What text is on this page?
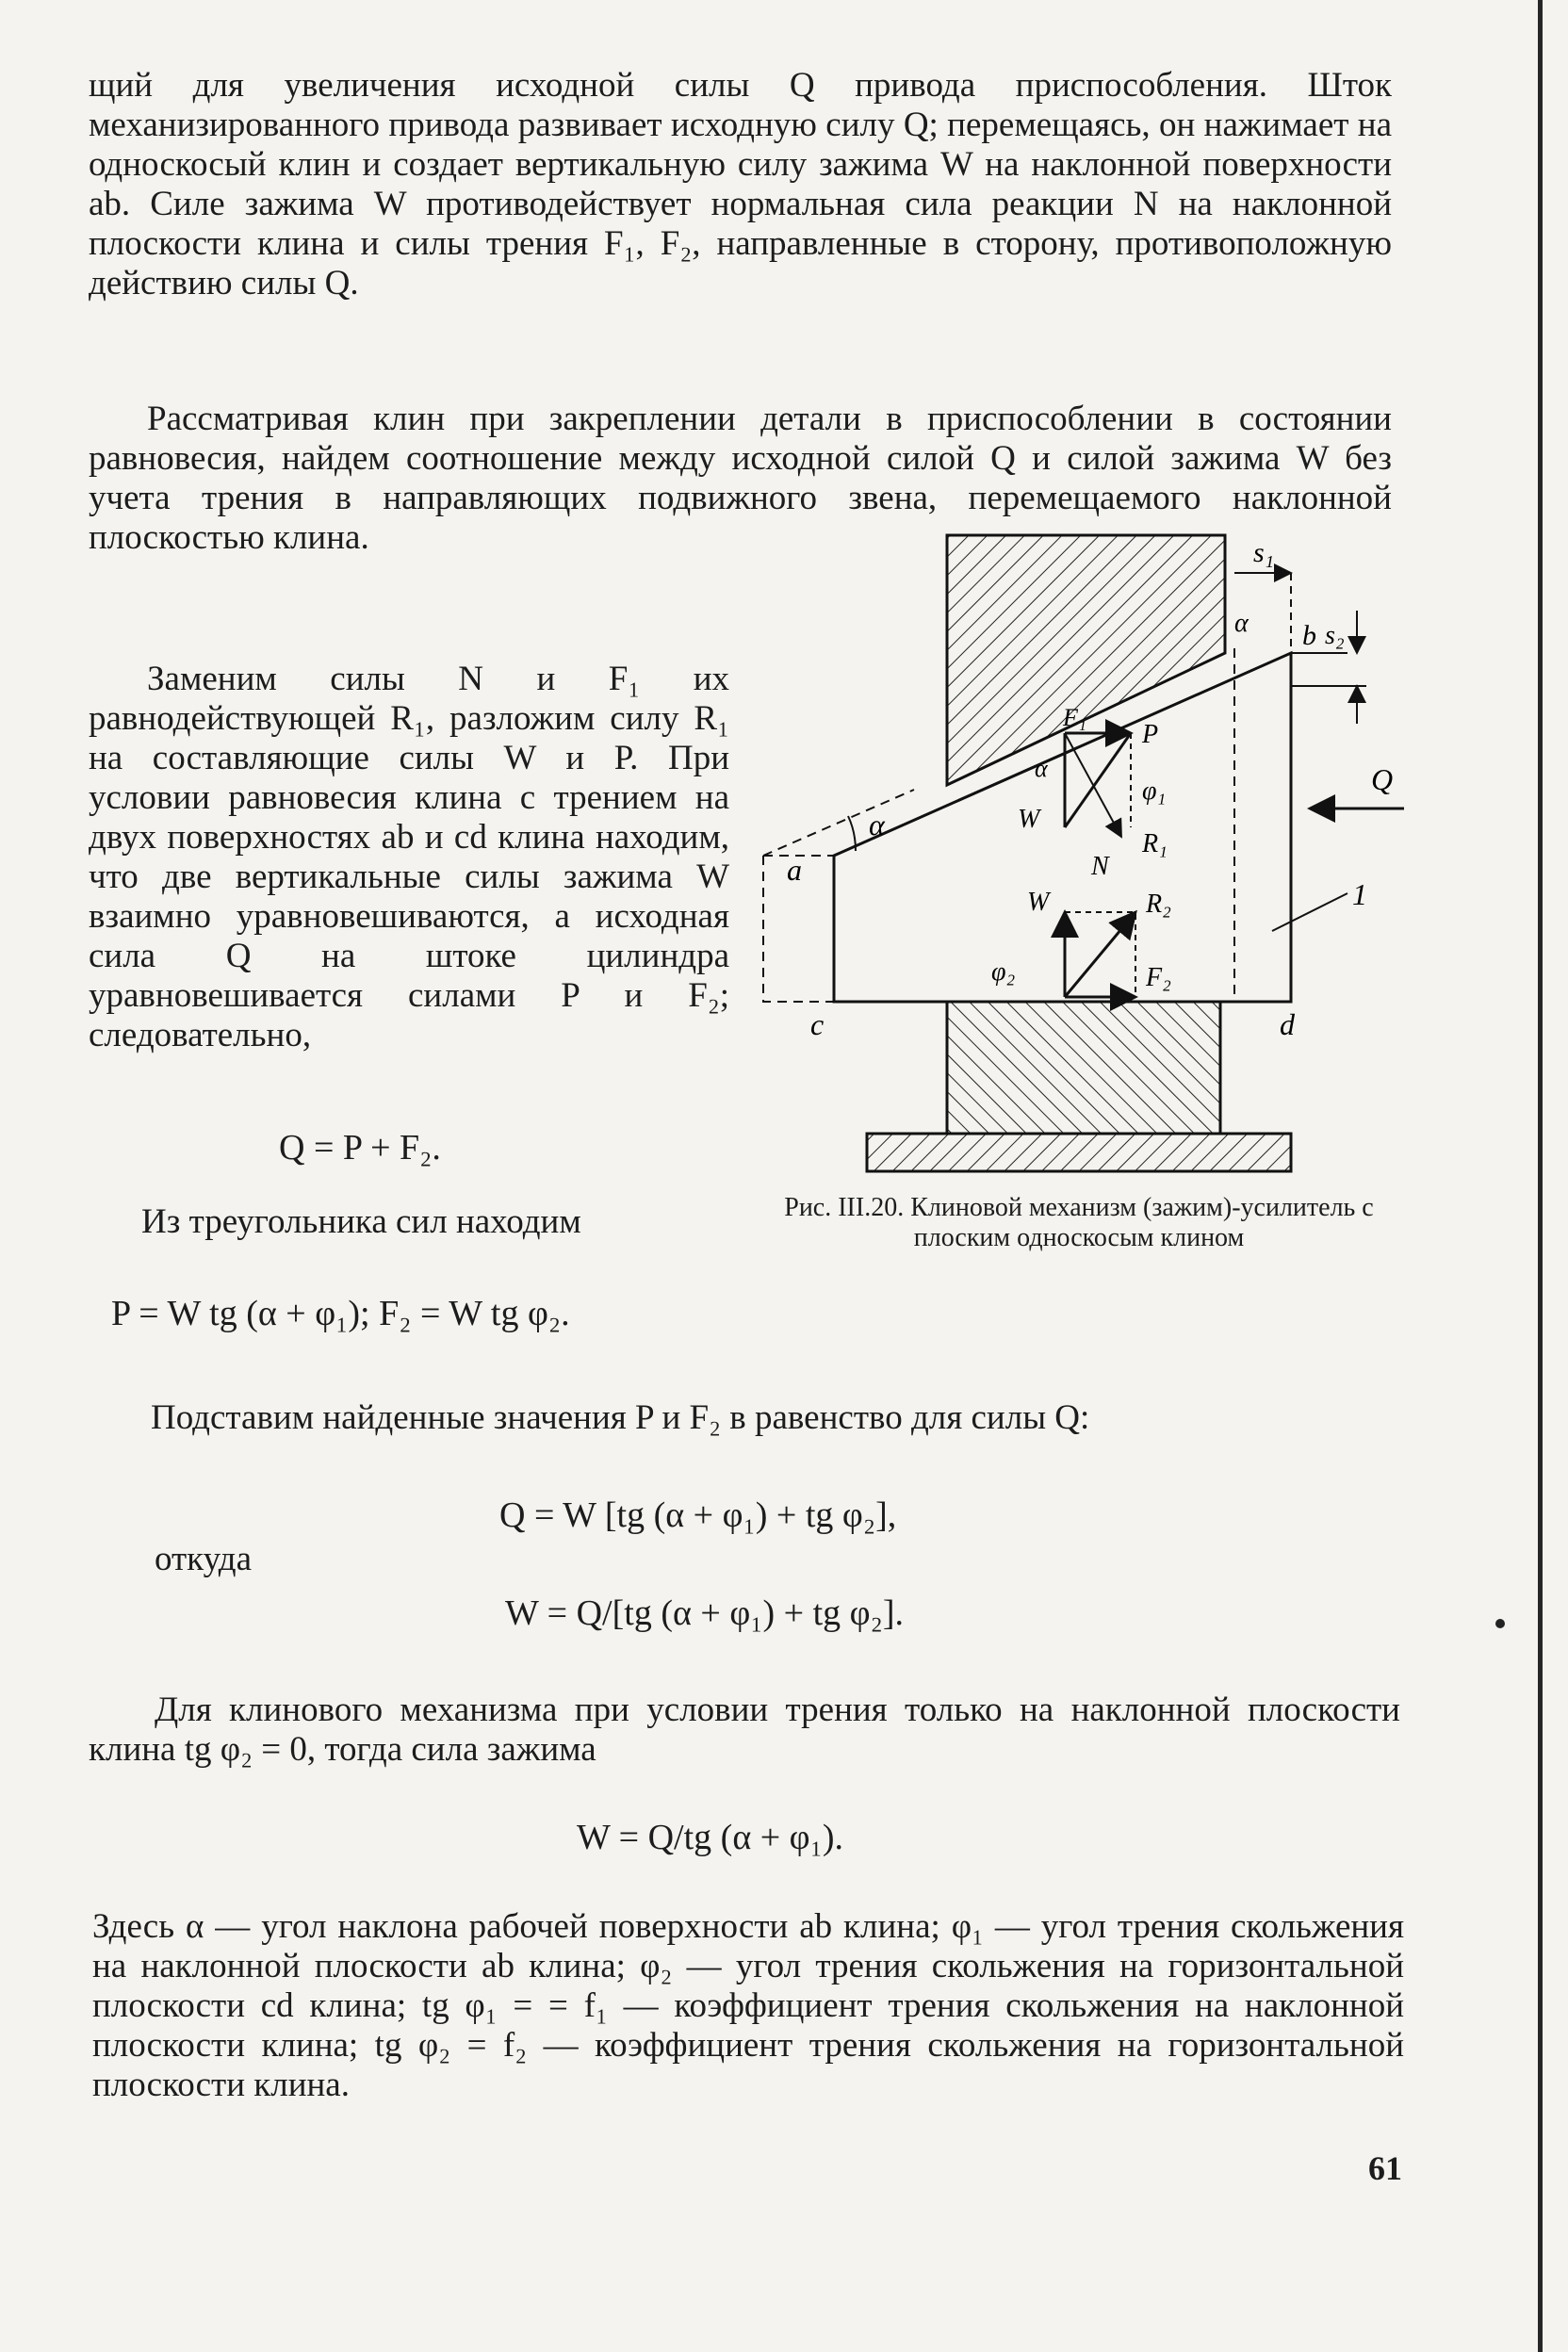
щий для увеличения исходной силы Q привода приспособления. Шток механизированного привода развивает исходную силу Q; перемещаясь, он нажимает на односкосый клин и создает вертикальную силу зажима W на наклонной поверхности ab. Силе зажима W противодействует нормальная сила реакции N на наклонной плоскости клина и силы трения F₁, F₂, направленные в сторону, противоположную действию силы Q.

Рассматривая клин при закреплении детали в приспособлении в состоянии равновесия, найдем соотношение между исходной силой Q и силой зажима W без учета трения в направляющих подвижного звена, перемещаемого наклонной плоскостью клина.

Заменим силы N и F₁ их равнодействующей R₁, разложим силу R₁ на составляющие силы W и P. При условии равновесия клина с трением на двух поверхностях ab и cd клина находим, что две вертикальные силы зажима W взаимно уравновешиваются, а исходная сила Q на штоке цилиндра уравновешивается силами P и F₂; следовательно,

Q = P + F₂.
Из треугольника сил находим
P = W tg (α + φ₁); F₂ = W tg φ₂.

Подставим найденные значения P и F₂ в равенство для силы Q:

Q = W [tg (α + φ₁) + tg φ₂],
откуда
W = Q/[tg (α + φ₁) + tg φ₂].

Для клинового механизма при условии трения только на наклонной плоскости клина tg φ₂ = 0, тогда сила зажима

W = Q/tg (α + φ₁).

Здесь α — угол наклона рабочей поверхности ab клина; φ₁ — угол трения скольжения на наклонной плоскости ab клина; φ₂ — угол трения скольжения на горизонтальной плоскости cd клина; tg φ₁ = = f₁ — коэффициент трения скольжения на наклонной плоскости клина; tg φ₂ = f₂ — коэффициент трения скольжения на горизонтальной плоскости клина.

61
s₁
s₂
b
α
Q
α
a
c	d
1
P
F₁
α
W
φ₁
R₁
N
W	R₂
φ₂	F₂
Рис. III.20. Клиновой механизм (зажим)-усилитель с плоским односкосым клином
